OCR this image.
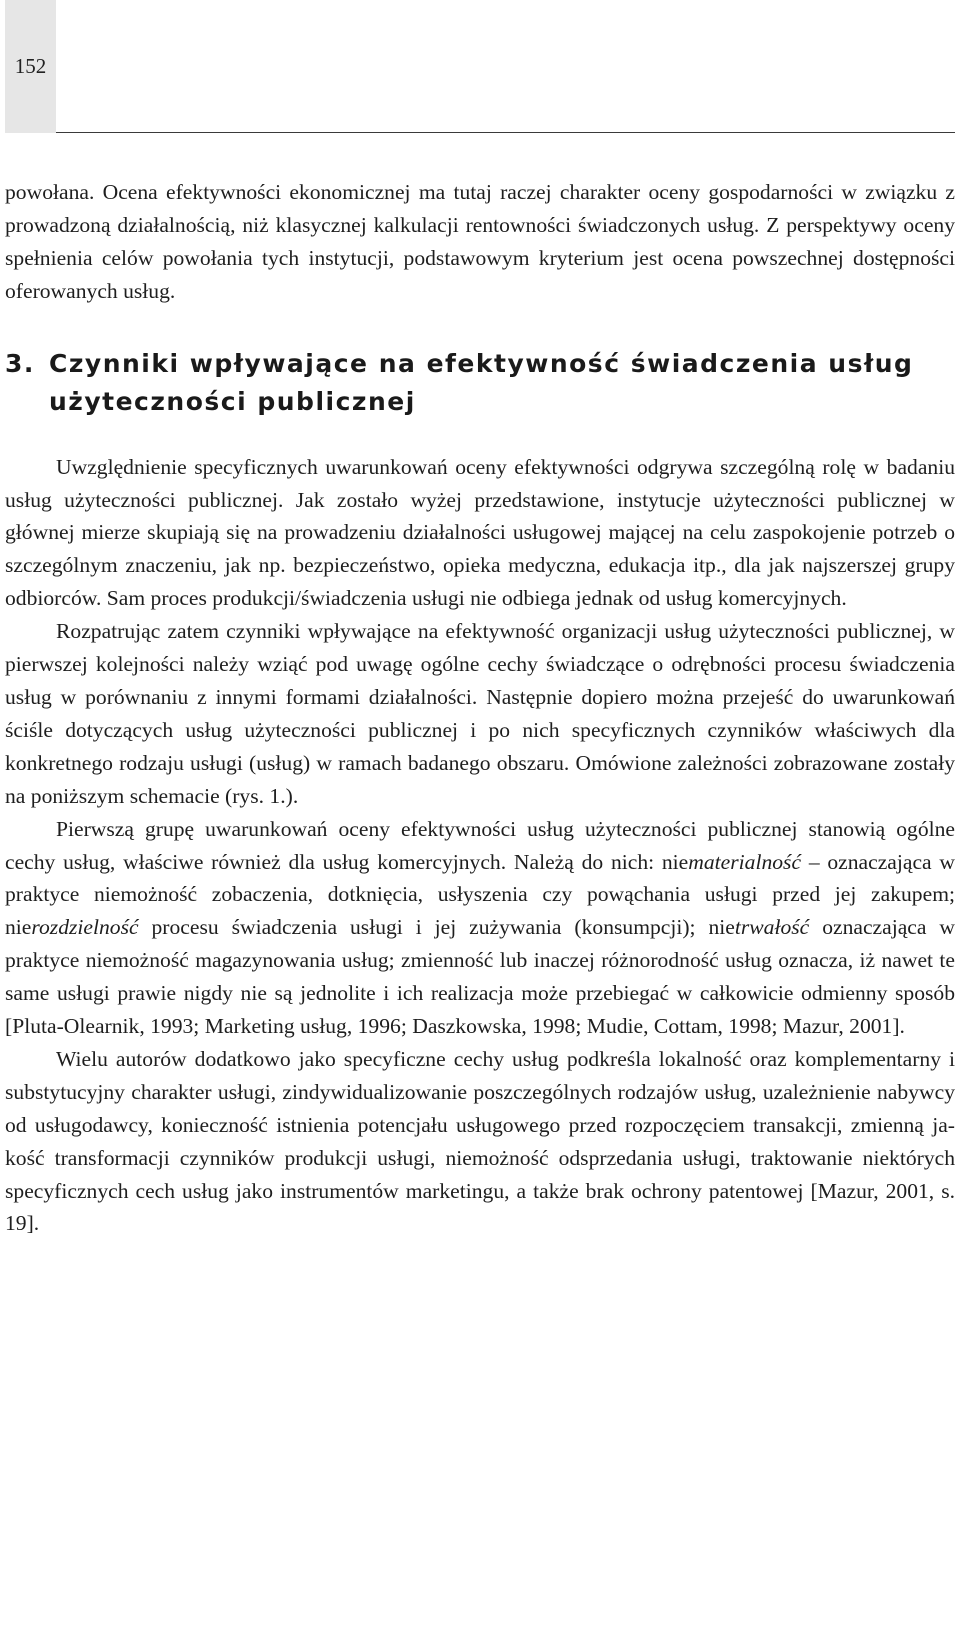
152

powołana. Ocena efektywności ekonomicznej ma tutaj raczej charakter oceny gospodarności w związku z prowadzoną działalnością, niż klasycznej kalkulacji rentowności świadczonych usług. Z perspektywy oceny spełnienia celów powołania tych instytucji, podstawowym kryterium jest ocena powszechnej dostępności oferowanych usług.

3. Czynniki wpływające na efektywność świadczenia usług użyteczności publicznej

Uwzględnienie specyficznych uwarunkowań oceny efektywności odgrywa szczególną rolę w badaniu usług użyteczności publicznej. Jak zostało wyżej przedstawione, instytucje użyteczności publicznej w głównej mierze skupiają się na prowadzeniu działalności usługowej mającej na celu zaspokojenie potrzeb o szczególnym znaczeniu, jak np. bezpieczeństwo, opieka medyczna, edukacja itp., dla jak najszerszej grupy odbiorców. Sam proces produkcji/świadczenia usługi nie odbiega jednak od usług komercyjnych.

Rozpatrując zatem czynniki wpływające na efektywność organizacji usług użyteczności publicznej, w pierwszej kolejności należy wziąć pod uwagę ogólne cechy świadczące o odrębności procesu świadczenia usług w porównaniu z innymi formami działalności. Następnie dopiero można przejeść do uwarunkowań ściśle dotyczących usług użyteczności publicznej i po nich specyficznych czynników właściwych dla konkretnego rodzaju usługi (usług) w ramach badanego obszaru. Omówione zależności zobrazowane zostały na poniższym schemacie (rys. 1.).

Pierwszą grupę uwarunkowań oceny efektywności usług użyteczności publicznej stanowią ogólne cechy usług, właściwe również dla usług komercyjnych. Należą do nich: niematerialność – oznaczająca w praktyce niemożność zobaczenia, dotknięcia, usłyszenia czy powąchania usługi przed jej zakupem; nierozdzielność procesu świadczenia usługi i jej zużywania (konsumpcji); nietrwałość oznaczająca w praktyce niemożność magazynowania usług; zmienność lub inaczej różnorodność usług oznacza, iż nawet te same usługi prawie nigdy nie są jednolite i ich realizacja może przebiegać w całkowicie odmienny sposób [Pluta-Olearnik, 1993; Marketing usług, 1996; Daszkowska, 1998; Mudie, Cottam, 1998; Mazur, 2001].

Wielu autorów dodatkowo jako specyficzne cechy usług podkreśla lokalność oraz komplementarny i substytucyjny charakter usługi, zindywidualizowanie poszczególnych rodzajów usług, uzależnienie nabywcy od usługodawcy, konieczność istnienia potencjału usługowego przed rozpoczęciem transakcji, zmienną jakość transformacji czynników produkcji usługi, niemożność odsprzedania usługi, traktowanie niektórych specyficznych cech usług jako instrumentów marketingu, a także brak ochrony patentowej [Mazur, 2001, s. 19].
